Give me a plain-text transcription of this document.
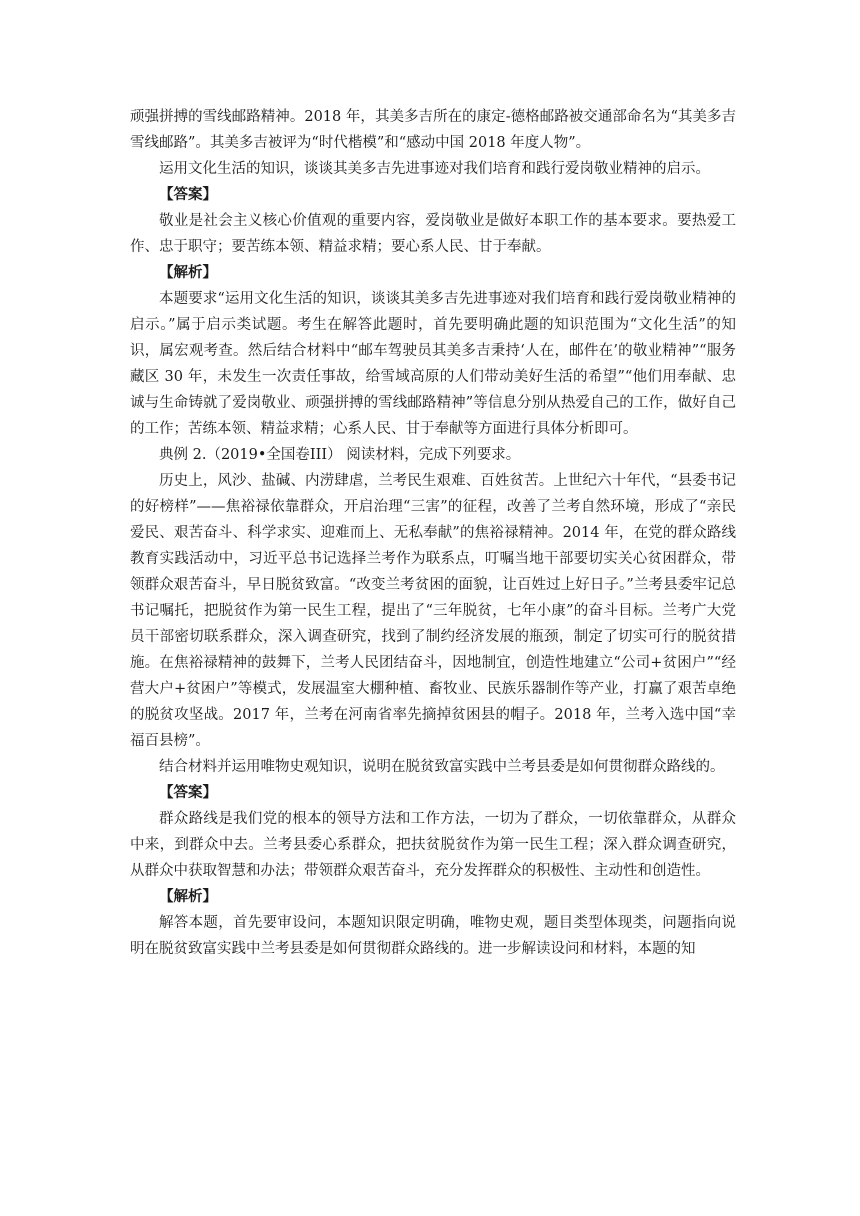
顽强拼搏的雪线邮路精神。2018 年，其美多吉所在的康定-德格邮路被交通部命名为“其美多吉雪线邮路”。其美多吉被评为“时代楷模”和“感动中国 2018 年度人物”。

运用文化生活的知识，谈谈其美多吉先进事迹对我们培育和践行爱岗敬业精神的启示。

【答案】

敬业是社会主义核心价值观的重要内容，爱岗敬业是做好本职工作的基本要求。要热爱工作、忠于职守；要苦练本领、精益求精；要心系人民、甘于奉献。

【解析】

本题要求“运用文化生活的知识，谈谈其美多吉先进事迹对我们培育和践行爱岗敬业精神的启示。”属于启示类试题。考生在解答此题时，首先要明确此题的知识范围为“文化生活”的知识，属宏观考查。然后结合材料中“邮车驾驶员其美多吉秉持‘人在，邮件在’的敬业精神”“服务藏区 30 年，未发生一次责任事故，给雪域高原的人们带动美好生活的希望”“他们用奉献、忠诚与生命铸就了爱岗敬业、顽强拼搏的雪线邮路精神”等信息分别从热爱自己的工作，做好自己的工作；苦练本领、精益求精；心系人民、甘于奉献等方面进行具体分析即可。

典例 2.（2019•全国卷III） 阅读材料，完成下列要求。

历史上，风沙、盐碱、内涝肆虐，兰考民生艰难、百姓贫苦。上世纪六十年代，“县委书记的好榜样”——焦裕禄依靠群众，开启治理“三害”的征程，改善了兰考自然环境，形成了“亲民爱民、艰苦奋斗、科学求实、迎难而上、无私奉献”的焦裕禄精神。2014 年，在党的群众路线教育实践活动中，习近平总书记选择兰考作为联系点，叮嘱当地干部要切实关心贫困群众，带领群众艰苦奋斗，早日脱贫致富。“改变兰考贫困的面貌，让百姓过上好日子。”兰考县委牢记总书记嘱托，把脱贫作为第一民生工程，提出了“三年脱贫，七年小康”的奋斗目标。兰考广大党员干部密切联系群众，深入调查研究，找到了制约经济发展的瓶颈，制定了切实可行的脱贫措施。在焦裕禄精神的鼓舞下，兰考人民团结奋斗，因地制宜，创造性地建立“公司+贫困户”“经营大户+贫困户”等模式，发展温室大棚种植、畜牧业、民族乐器制作等产业，打赢了艰苦卓绝的脱贫攻坚战。2017 年，兰考在河南省率先摘掉贫困县的帽子。2018 年，兰考入选中国“幸福百县榜”。

结合材料并运用唯物史观知识，说明在脱贫致富实践中兰考县委是如何贯彻群众路线的。

【答案】

群众路线是我们党的根本的领导方法和工作方法，一切为了群众，一切依靠群众，从群众中来，到群众中去。兰考县委心系群众，把扶贫脱贫作为第一民生工程；深入群众调查研究，从群众中获取智慧和办法；带领群众艰苦奋斗，充分发挥群众的积极性、主动性和创造性。

【解析】

解答本题，首先要审设问，本题知识限定明确，唯物史观，题目类型体现类，问题指向说明在脱贫致富实践中兰考县委是如何贯彻群众路线的。进一步解读设问和材料，本题的知
